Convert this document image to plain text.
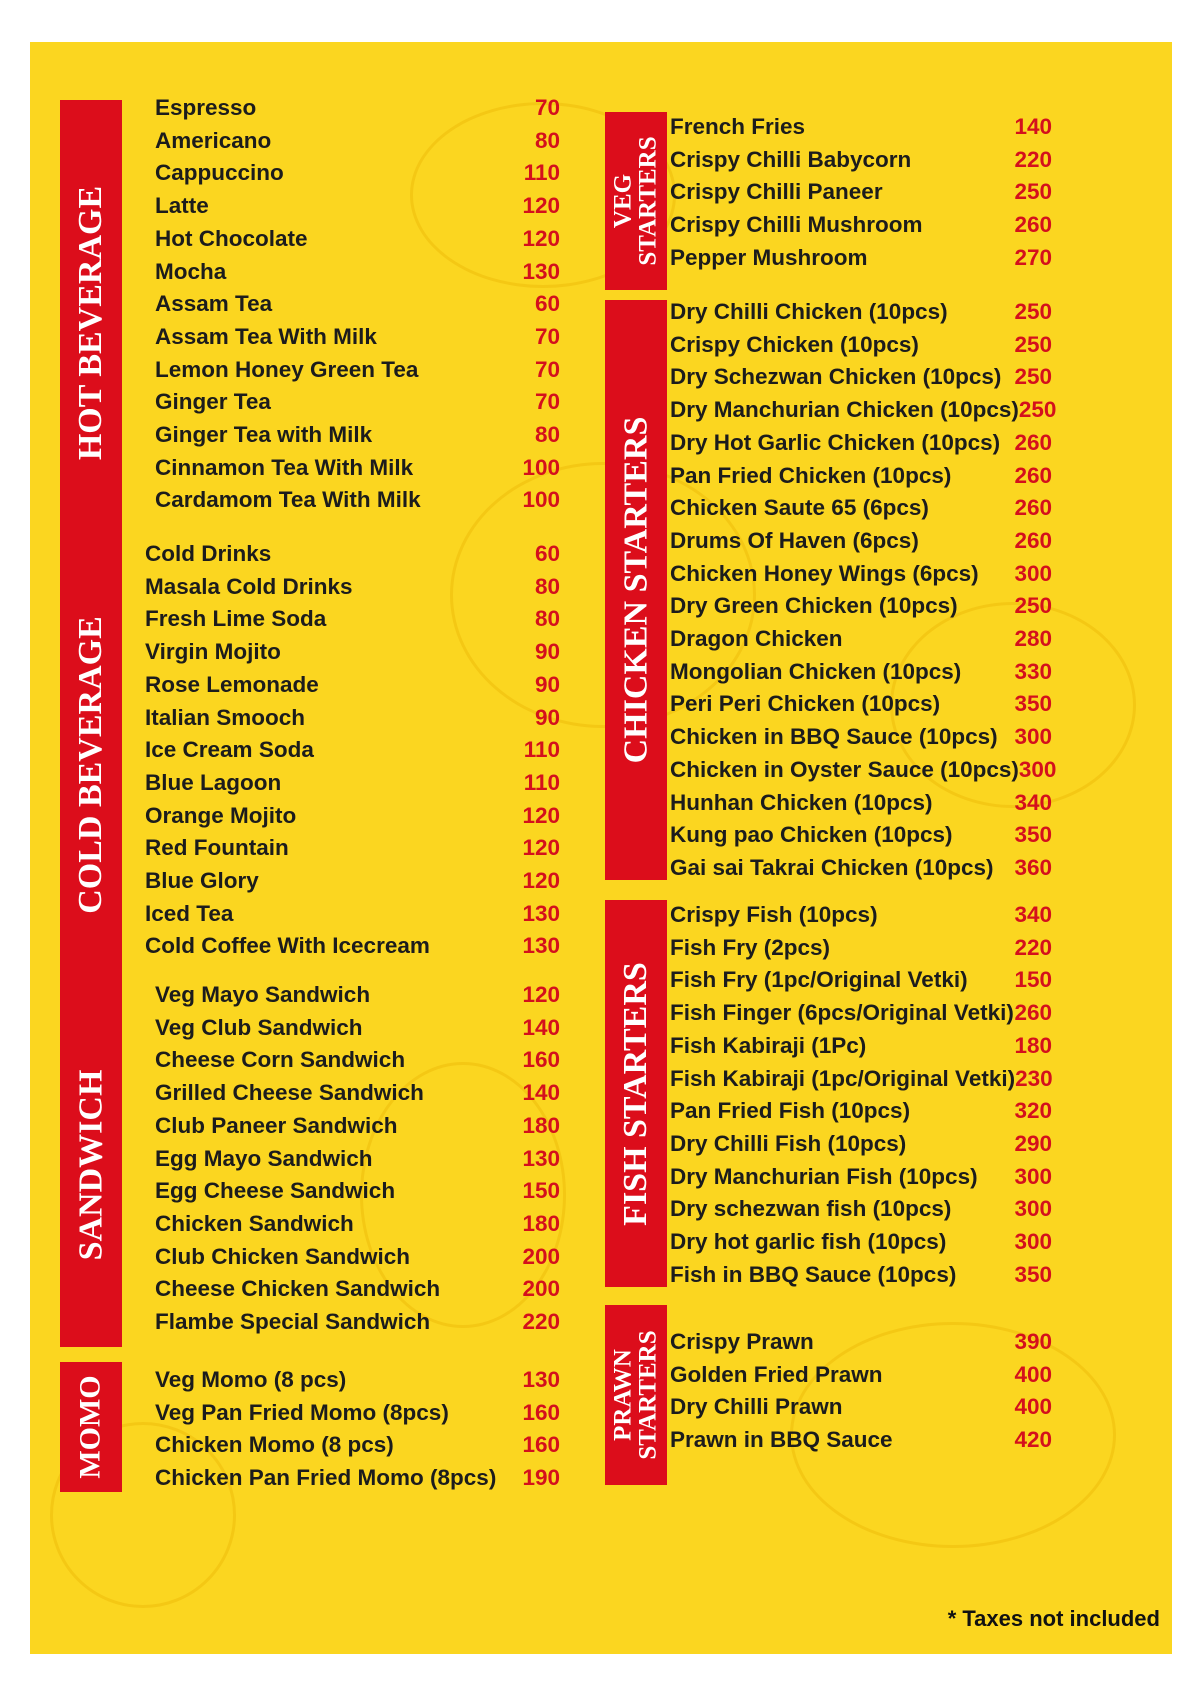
HOT BEVERAGE
Espresso	70
Americano	80
Cappuccino	110
Latte	120
Hot Chocolate	120
Mocha	130
Assam Tea	60
Assam Tea With Milk	70
Lemon Honey Green Tea	70
Ginger Tea	70
Ginger Tea with Milk	80
Cinnamon Tea With Milk	100
Cardamom Tea With Milk	100
COLD BEVERAGE
Cold Drinks	60
Masala Cold Drinks	80
Fresh Lime Soda	80
Virgin Mojito	90
Rose Lemonade	90
Italian Smooch	90
Ice Cream Soda	110
Blue Lagoon	110
Orange Mojito	120
Red Fountain	120
Blue Glory	120
Iced Tea	130
Cold Coffee With Icecream	130
SANDWICH
Veg Mayo Sandwich	120
Veg Club Sandwich	140
Cheese Corn Sandwich	160
Grilled Cheese Sandwich	140
Club Paneer Sandwich	180
Egg Mayo Sandwich	130
Egg Cheese Sandwich	150
Chicken Sandwich	180
Club Chicken Sandwich	200
Cheese Chicken Sandwich	200
Flambe Special Sandwich	220
MOMO Veg Momo (8 pcs)	130
Veg Pan Fried Momo (8pcs)	160
Chicken Momo (8 pcs)	160
Chicken Pan Fried Momo (8pcs) 190
VEG
STARTERS
French Fries	140
Crispy Chilli Babycorn	220
Crispy Chilli Paneer	250
Crispy Chilli Mushroom	260
Pepper Mushroom	270
CHICKEN STARTERS
Dry Chilli Chicken (10pcs)	250
Crispy Chicken (10pcs)	250
Dry Schezwan Chicken (10pcs) 250
Dry Manchurian Chicken (10pcs) 250
Dry Hot Garlic Chicken (10pcs) 260
Pan Fried Chicken (10pcs)	260
Chicken Saute 65 (6pcs)	260
Drums Of Haven (6pcs)	260
Chicken Honey Wings (6pcs) 300
Dry Green Chicken (10pcs)	250
Dragon Chicken	280
Mongolian Chicken (10pcs) 330
Peri Peri Chicken (10pcs)	350
Chicken in BBQ Sauce (10pcs) 300
Chicken in Oyster Sauce (10pcs) 300
Hunhan Chicken (10pcs)	340
Kung pao Chicken (10pcs)	350
Gai sai Takrai Chicken (10pcs) 360
FISH STARTERS
Crispy Fish (10pcs)	340
Fish Fry (2pcs)	220
Fish Fry (1pc/Original Vetki) 150
Fish Finger (6pcs/Original Vetki) 260
Fish Kabiraji (1Pc)	180
Fish Kabiraji (1pc/Original Vetki) 230
Pan Fried Fish (10pcs)	320
Dry Chilli Fish (10pcs)	290
Dry Manchurian Fish (10pcs) 300
Dry schezwan fish (10pcs)	300
Dry hot garlic fish (10pcs)	300
Fish in BBQ Sauce (10pcs)	350
PRAWN
STARTERS Crispy Prawn	390
Golden Fried Prawn	400
Dry Chilli Prawn	400
Prawn in BBQ Sauce	420
* Taxes not included
